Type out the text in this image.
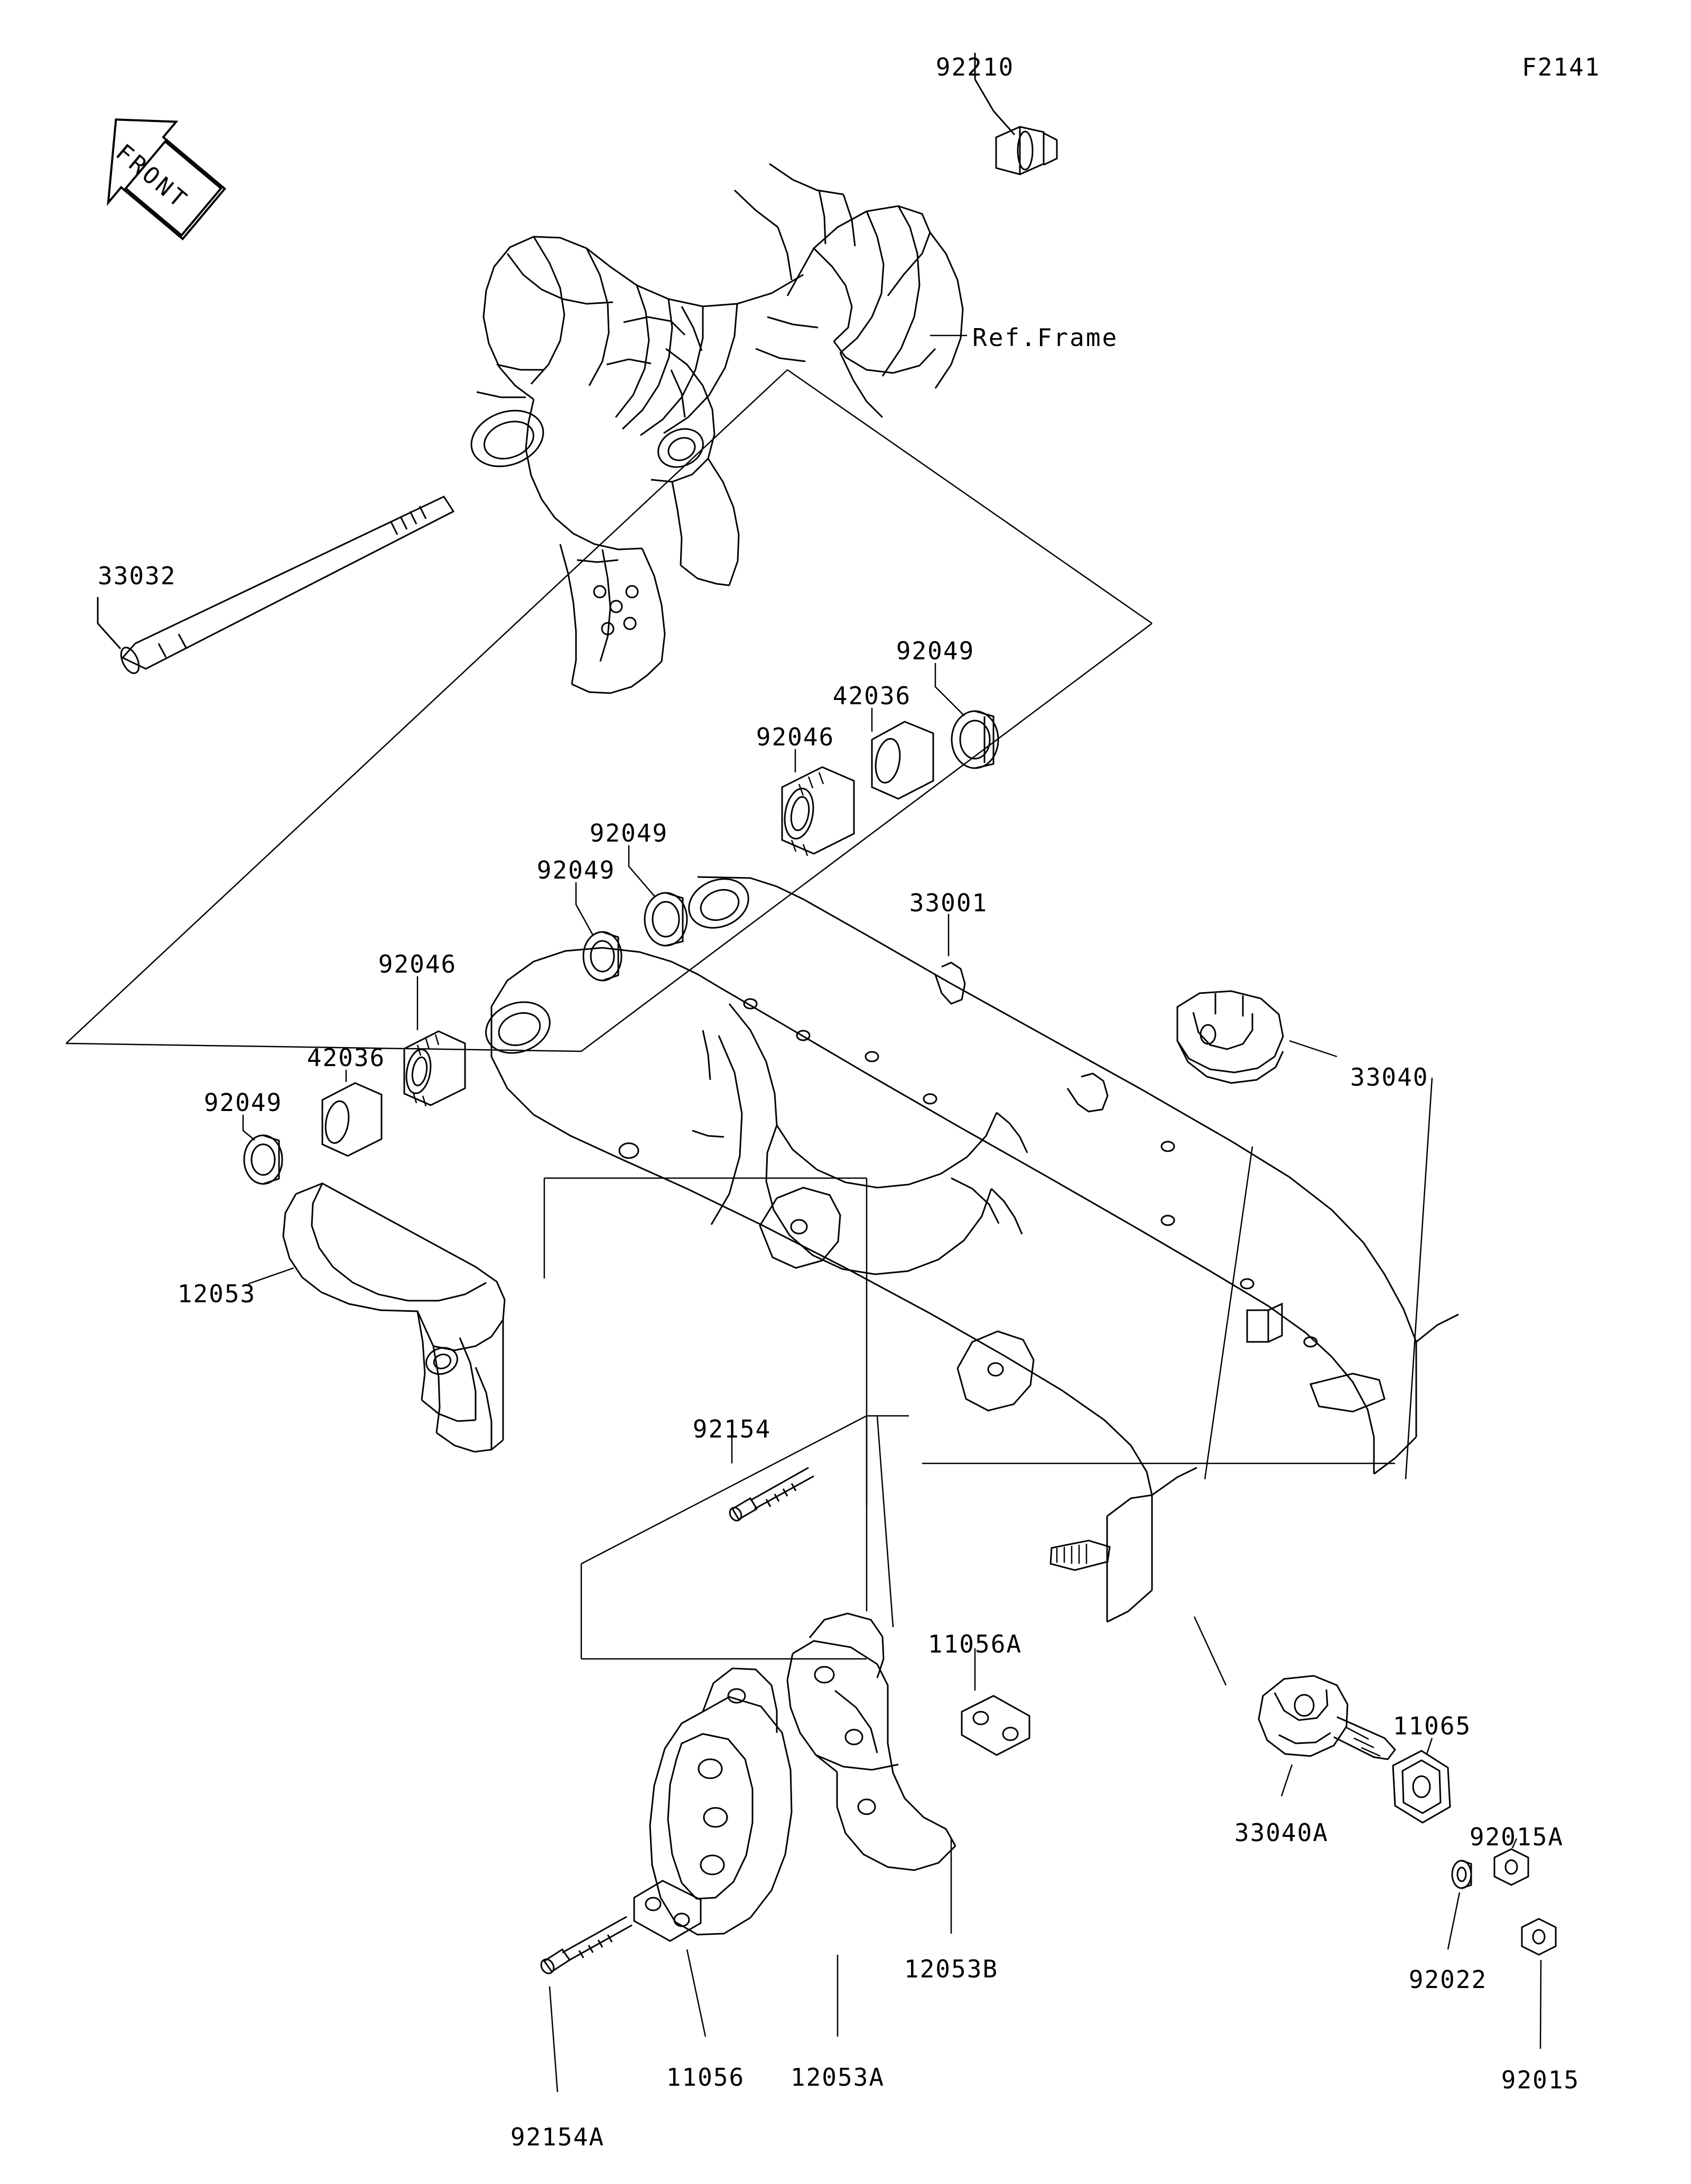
FRONT
F2141
Ref.Frame
92210
33032
92049
42036
92046
92049
92049
33001
92046
42036
33040
92049
12053
92154
11056A
11065
33040A	92015A
12053B	92022
11056 12053A	92015
92154A
